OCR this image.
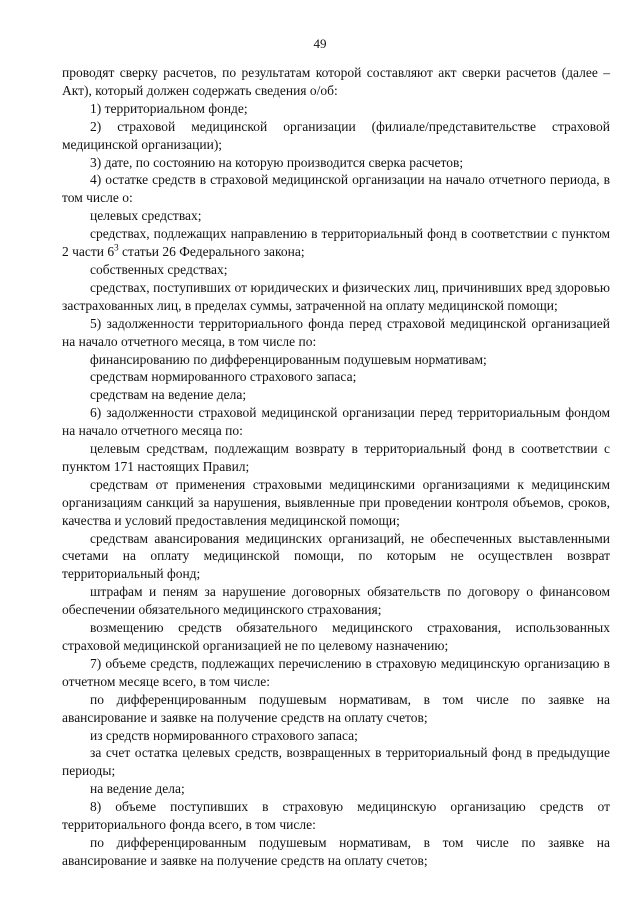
49

проводят сверку расчетов, по результатам которой составляют акт сверки расчетов (далее – Акт), который должен содержать сведения о/об:

1) территориальном фонде;

2) страховой медицинской организации (филиале/представительстве страховой медицинской организации);

3) дате, по состоянию на которую производится сверка расчетов;

4) остатке средств в страховой медицинской организации на начало отчетного периода, в том числе о:

целевых средствах;

средствах, подлежащих направлению в территориальный фонд в соответствии с пунктом 2 части $6^3$ статьи 26 Федерального закона;

собственных средствах;

средствах, поступивших от юридических и физических лиц, причинивших вред здоровью застрахованных лиц, в пределах суммы, затраченной на оплату медицинской помощи;

5) задолженности территориального фонда перед страховой медицинской организацией на начало отчетного месяца, в том числе по:

финансированию по дифференцированным подушевым нормативам;

средствам нормированного страхового запаса;

средствам на ведение дела;

6) задолженности страховой медицинской организации перед территориальным фондом на начало отчетного месяца по:

целевым средствам, подлежащим возврату в территориальный фонд в соответствии с пунктом 171 настоящих Правил;

средствам от применения страховыми медицинскими организациями к медицинским организациям санкций за нарушения, выявленные при проведении контроля объемов, сроков, качества и условий предоставления медицинской помощи;

средствам авансирования медицинских организаций, не обеспеченных выставленными счетами на оплату медицинской помощи, по которым не осуществлен возврат территориальный фонд;

штрафам и пеням за нарушение договорных обязательств по договору о финансовом обеспечении обязательного медицинского страхования;

возмещению средств обязательного медицинского страхования, использованных страховой медицинской организацией не по целевому назначению;

7) объеме средств, подлежащих перечислению в страховую медицинскую организацию в отчетном месяце всего, в том числе:

по дифференцированным подушевым нормативам, в том числе по заявке на авансирование и заявке на получение средств на оплату счетов;

из средств нормированного страхового запаса;

за счет остатка целевых средств, возвращенных в территориальный фонд в предыдущие периоды;

на ведение дела;

8) объеме поступивших в страховую медицинскую организацию средств от территориального фонда всего, в том числе:

по дифференцированным подушевым нормативам, в том числе по заявке на авансирование и заявке на получение средств на оплату счетов;
